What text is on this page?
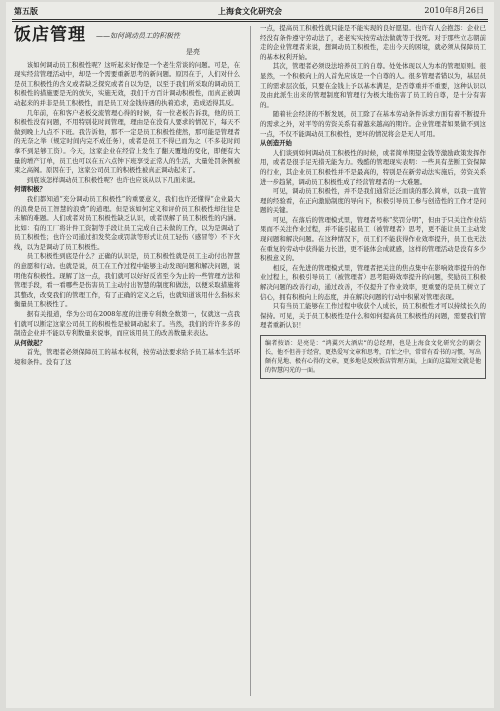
第五版	上海食文化研究会	2010年8月26日
饭店管理 ——如何调动员工的积极性
是亮

该如何调动员工积极性呢？这听起来好像是一个老生常谈的问题。可是，在现实经营管理活动中，却是一个需要重新思考的新问题。原因在于，人们对什么是员工积极性的含义或者缺乏探究或者自以为是，以至于我们所采取的调动员工积极性的措施要是无的放矢，实施无效，我们千方百计调动积极性，而真正被调动起来的并非是员工积极性，而是员工对金钱待遇的执着追求，造成适得其反。

几年前，在和客户老板交流管理心得的时候，有一位老板告诉我，他的员工积极性没有问题，不用特别花时间管理，理由是在没有人要求的情况下，每天不做到晚上九点不下班。我告诉他，那不一定是员工积极性使然，那可能是管理者的无奈之举（规定时间内完不成任务），或者是员工不得已而为之（不多花时间拿不到足够工资）。今天，这家企业在经营上发生了翻天覆地的变化，即便有大量的增产订单，员工也可以在五六点钟下班享受正常人的生活，大量处罚条例被束之高阁。原因在于，这家公司员工的积极性被真正调动起来了。

到底该怎样调动员工积极性呢？也许也应该从以下几面来说。

何谓积极？

我们都知道“充分调动员工积极性”的重要意义，我们也许还懂得“企业最大的浪费是员工智慧的浪费”的道理。但是该如何定义和评价员工积极性却往往是未解的难题。人们或者对员工积极性缺乏认识，或者误解了员工积极性的内涵。比如：有的工厂将计件工资制等手段让员工完成自己未做的工作，以为是调动了员工积极性；也许公司通过扣发奖金或罚款等形式让员工轻伤（感冒等）不下火线，以为是调动了员工积极性。

员工积极性到底是什么？正确的认识是，员工积极性就是员工主动付出智慧的意愿和行动。也就是说，员工在工作过程中能够主动发现问题和解决问题，说明他有积极性。现解了这一点，我们就可以好好反省至今为止的一些管理方法和管理手段，看一看哪些是伤害员工主动付出智慧的制度和做法，以便采取措施将其整改，改变我们的管理工作，有了正确的定义之后，也就知道该用什么指标来衡量员工积极性了。

据有关报道，华为公司在2008年度的注册专利数全数第一，仅就这一点我们就可以断定这家公司员工的积极性是被调动起来了。当然，我们的许许多多的制造企业并不能以专利数量来说事，而应该用员工的改善数量来表达。

从何做起？

首先，管理者必须保障员工的基本权利，按劳动法要求给予员工基本生活环境和条件。没有了这

一点，提高员工积极性就只能是不能实现的良好愿望。也许有人会抱怨：企业已经没有条件遵守劳动法了，老老实实按劳动法做就等于找死。对于那些立志朝前走的企业管理者来说，想调动员工积极性，走出今天的困境，就必须从保障员工的基本权利开始。

其次，管理者必须设法培养员工的自尊。处处体现以人为本的管理原则。很显然，一个积极向上的人首先应该是一个自尊的人。很多管理者错以为，基层员工的需求层次低，只要在金钱上予以基本满足，是否尊重并不重要，这种认识以及由此派生出来的管理制度和管理行为极大地伤害了员工的自尊，是十分有害的。

随着社会经济的不断发展，员工除了在基本劳动条件诉求方面有着不断提升的需求之外，对平等的劳资关系有着越来越高的期许。企业管理者如果做不到这一点，不仅不能调动员工积极性，更坏的情况将会是无人可用。

从创造开始

人们谈到如何调动员工积极性的时候，或者简单期望金钱等激励政策发挥作用，或者是很手足无措无能为力。残酷的管理现实表明：一些具有垄断工资保障的行业，其企业员工积极性并不是最高的，特别是在新劳动法实施后，劳资关系进一步趋紧，调动员工积极性成了经营管理者的一大难题。

可见，调动员工积极性，并不是我们通常泛泛而谈的那么简单，以我一直管理的经验看，在正向激励制度的导向下，积极引导员工参与创造性的工作才是问题的关键。

可见，在落后的管理模式里，管理者号称“奖罚分明”，但由于只关注作业结果而不关注作业过程，并不能引起员工（被管理者）思考，更不能让员工主动发现问题和解决问题。在这种情况下，员工们不能获得作业效率提升，员工也无法在重复的劳动中获得能力长进，更不能体会成就感，这样的管理活动是没有多少积极意义的。

相反，在先进的管理模式里，管理者把关注的焦点集中在影响效率提升的作业过程上，积极引导员工（被管理者）思考阻碍效率提升的问题，奖励员工积极解决问题的改善行动，通过改善，不仅提升了作业效率，更重要的是员工树立了信心，拥有积极向上的态度，并在解决问题的行动中积累对管理表现。

只有当员工能够在工作过程中收获个人成长，员工积极性才可以持续长久的保持。可见，关于员工积极性是什么和如何提高员工积极性的问题，需要我们管理者重新认识！

编者按语：是亮是：“鸿翼兴大酒店”的总经理，也是上海食文化研究会的副会长，他不但善于经营，更热爱写文章和思考，百忙之中，常常有看书的习惯，写出颇有见地、极有心得的文章，更多地是反映饭店管理方面，上面的这篇短文就是他的智慧闪光的一面。
